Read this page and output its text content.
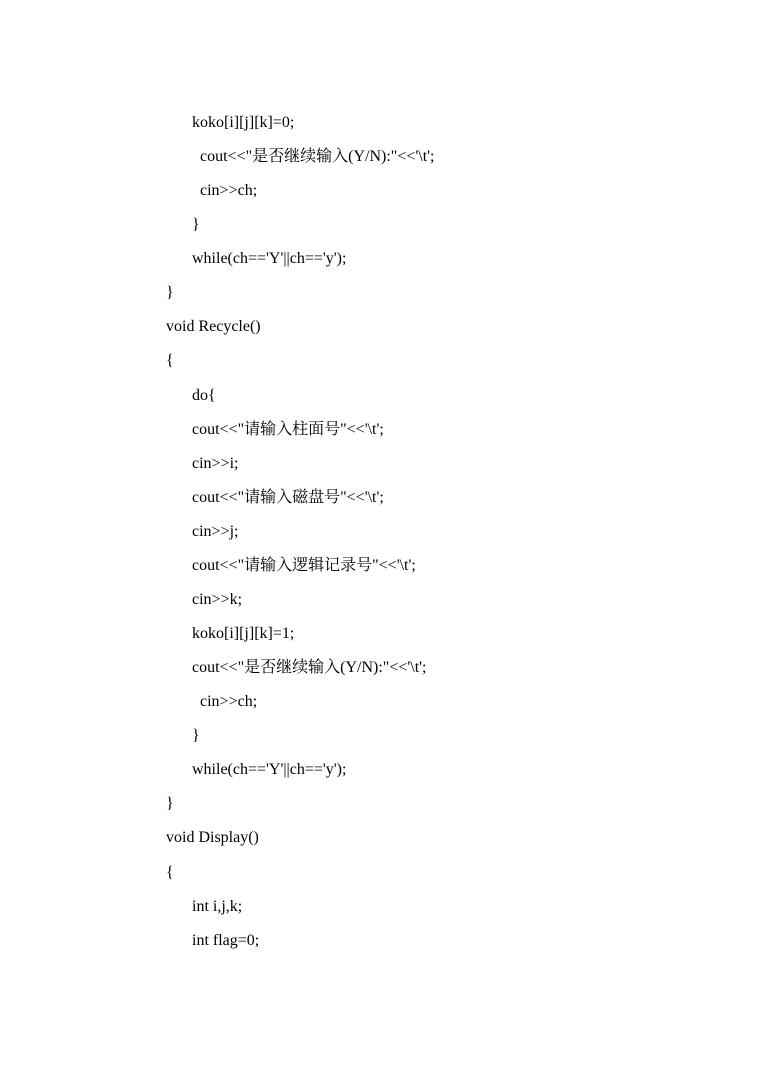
koko[i][j][k]=0;
cout<<"是否继续输入(Y/N):"<<'\t';
cin>>ch;
}
while(ch=='Y'||ch=='y');
}
void Recycle()
{
do{
cout<<"请输入柱面号"<<'\t';
cin>>i;
cout<<"请输入磁盘号"<<'\t';
cin>>j;
cout<<"请输入逻辑记录号"<<'\t';
cin>>k;
koko[i][j][k]=1;
cout<<"是否继续输入(Y/N):"<<'\t';
cin>>ch;
}
while(ch=='Y'||ch=='y');
}
void Display()
{
int i,j,k;
int flag=0;
